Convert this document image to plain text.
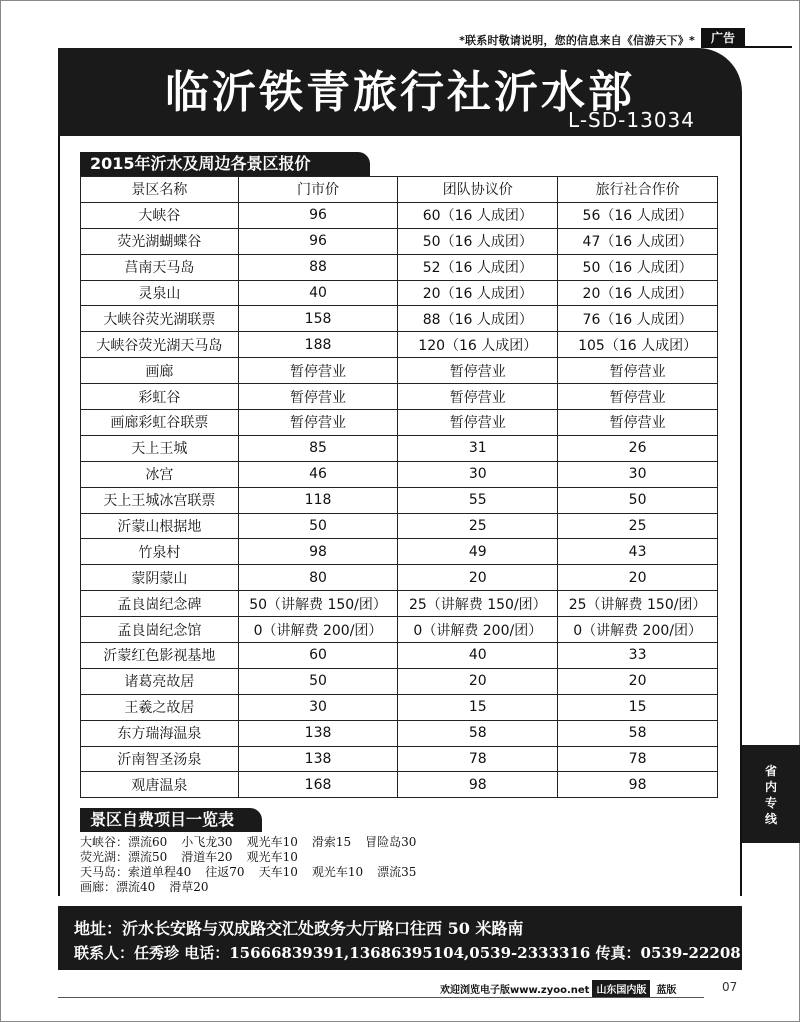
*联系时敬请说明，您的信息来自《信游天下》*	广告
临沂铁青旅行社沂水部
L-SD-13034
2015年沂水及周边各景区报价
景区名称	门市价	团队协议价	旅行社合作价
大峡谷	96	60（16 人成团）	56（16 人成团）
荧光湖蝴蝶谷	96	50（16 人成团）	47（16 人成团）
莒南天马岛	88	52（16 人成团）	50（16 人成团）
灵泉山	40	20（16 人成团）	20（16 人成团）
大峡谷荧光湖联票	158	88（16 人成团）	76（16 人成团）
大峡谷荧光湖天马岛	188	120（16 人成团）	105（16 人成团）
画廊	暂停营业	暂停营业	暂停营业
彩虹谷	暂停营业	暂停营业	暂停营业
画廊彩虹谷联票	暂停营业	暂停营业	暂停营业
天上王城	85	31	26
冰宫	46	30	30
天上王城冰宫联票	118	55	50
沂蒙山根据地	50	25	25
竹泉村	98	49	43
蒙阴蒙山	80	20	20
孟良崮纪念碑	50（讲解费 150/团）	25（讲解费 150/团）	25（讲解费 150/团）
孟良崮纪念馆	0（讲解费 200/团）	0（讲解费 200/团）	0（讲解费 200/团）
沂蒙红色影视基地	60	40	33
诸葛亮故居	50	20	20
王羲之故居	30	15	15
东方瑞海温泉	138	58	58
沂南智圣汤泉	138	78	78
观唐温泉	168	98	98
景区自费项目一览表
大峡谷：漂流60 小飞龙30 观光车10 滑索15 冒险岛30
荧光湖：漂流50 滑道车20 观光车10
天马岛：索道单程40 往返70 天车10 观光车10 漂流35
画廊：漂流40 滑草20
地址：沂水长安路与双成路交汇处政务大厅路口往西 50 米路南
联系人：任秀珍 电话：15666839391,13686395104,0539-2333316 传真：0539-2220816
省
内
专
线
欢迎浏览电子版www.zyoo.net 山东国内版 蓝版	07
